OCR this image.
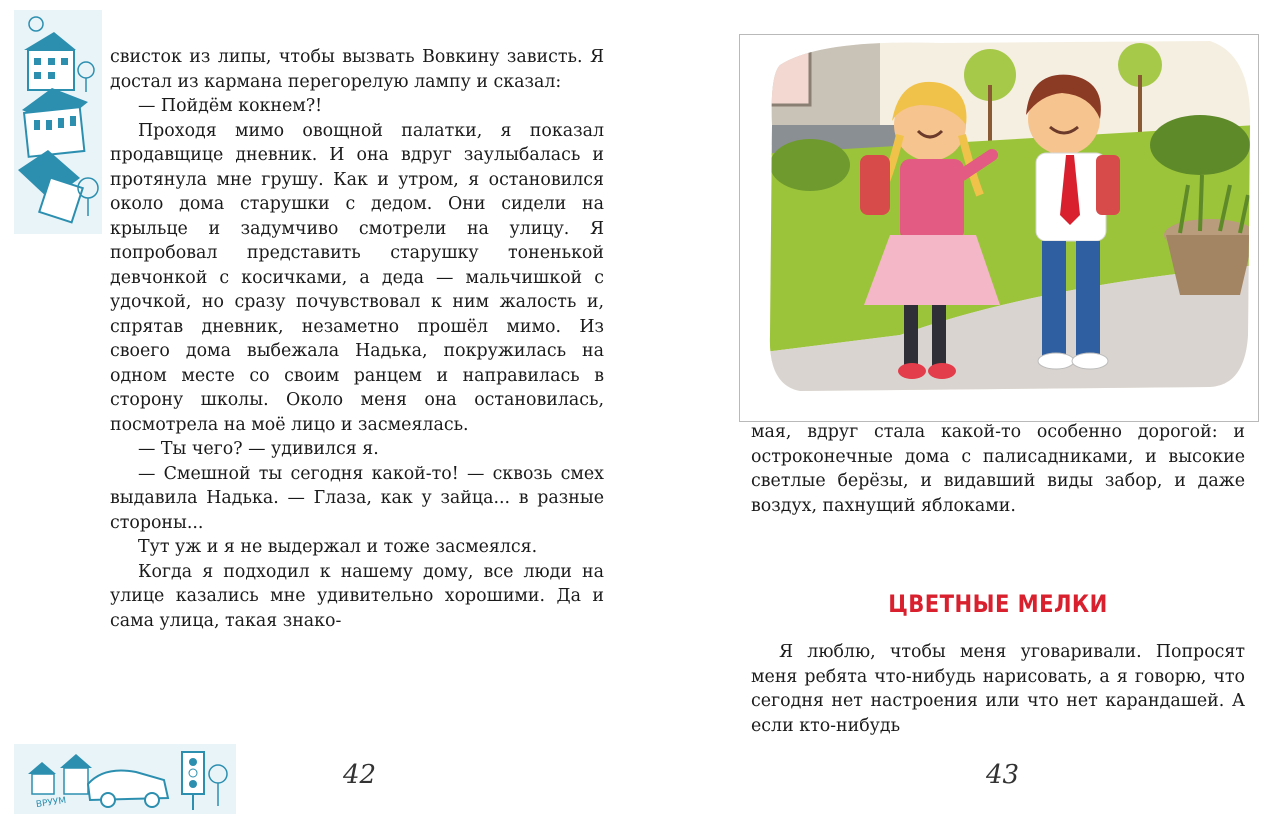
свисток из липы, чтобы вызвать Вовкину зависть. Я достал из кармана перегорелую лампу и сказал:

— Пойдём кокнем?!

Проходя мимо овощной палатки, я показал продавщице дневник. И она вдруг заулыбалась и протянула мне грушу. Как и утром, я остановился около дома старушки с дедом. Они сидели на крыльце и задумчиво смотрели на улицу. Я попробовал представить старушку тоненькой девчонкой с косичками, а деда — мальчишкой с удочкой, но сразу почувствовал к ним жалость и, спрятав дневник, незаметно прошёл мимо. Из своего дома выбежала Надька, покружилась на одном месте со своим ранцем и направилась в сторону школы. Около меня она остановилась, посмотрела на моё лицо и засмеялась.

— Ты чего? — удивился я.

— Смешной ты сегодня какой-то! — сквозь смех выдавила Надька. — Глаза, как у зайца... в разные стороны...

Тут уж и я не выдержал и тоже засмеялся.

Когда я подходил к нашему дому, все люди на улице казались мне удивительно хорошими. Да и сама улица, такая знако-

ВРУУМ
42
мая, вдруг стала какой-то особенно дорогой: и остроконечные дома с палисадниками, и высокие светлые берёзы, и видавший виды забор, и даже воздух, пахнущий яблоками.
ЦВЕТНЫЕ МЕЛКИ

Я люблю, чтобы меня уговаривали. Попросят меня ребята что-нибудь нарисовать, а я говорю, что сегодня нет настроения или что нет карандашей. А если кто-нибудь

43
